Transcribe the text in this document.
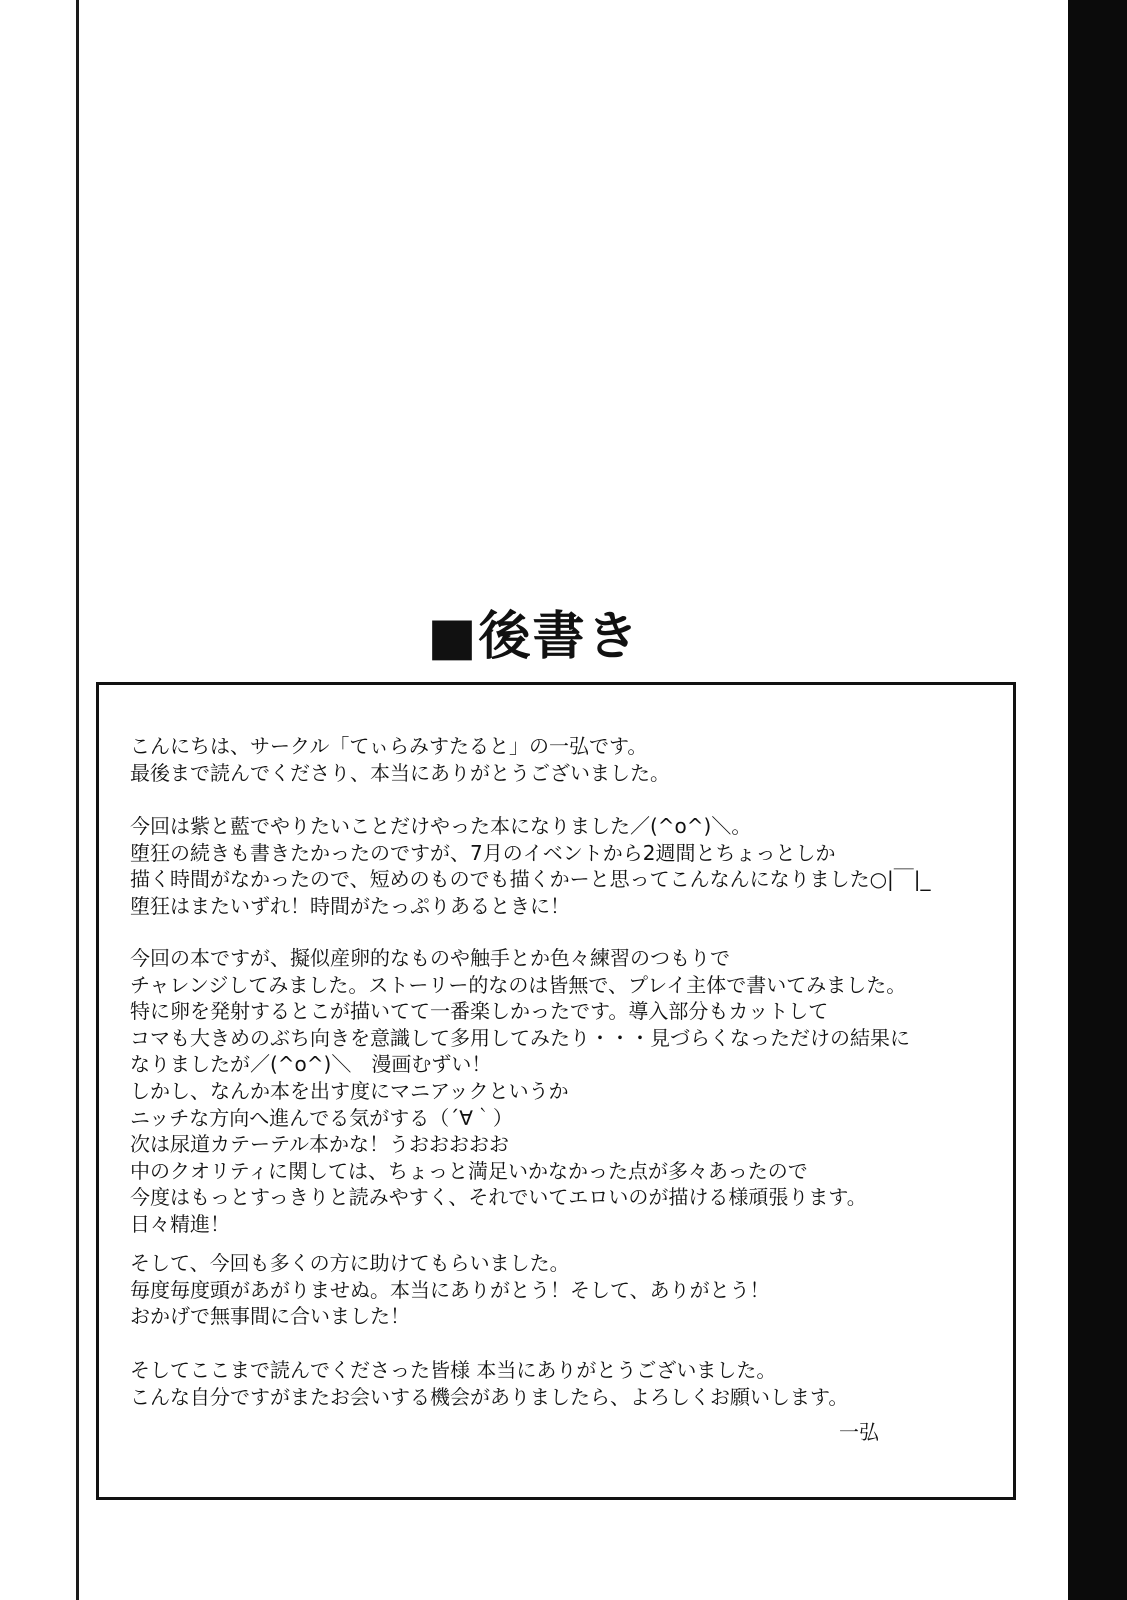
■後書き
こんにちは、サークル「てぃらみすたると」の一弘です。
最後まで読んでくださり、本当にありがとうございました。
今回は紫と藍でやりたいことだけやった本になりました／(^o^)＼。
堕狂の続きも書きたかったのですが、7月のイベントから2週間とちょっとしか
描く時間がなかったので、短めのものでも描くかーと思ってこんなんになりました○|￣|_
堕狂はまたいずれ！時間がたっぷりあるときに！
今回の本ですが、擬似産卵的なものや触手とか色々練習のつもりで
チャレンジしてみました。ストーリー的なのは皆無で、プレイ主体で書いてみました。
特に卵を発射するとこが描いてて一番楽しかったです。導入部分もカットして
コマも大きめのぶち向きを意識して多用してみたり・・・見づらくなっただけの結果に
なりましたが／(^o^)＼　漫画むずい！
しかし、なんか本を出す度にマニアックというか
ニッチな方向へ進んでる気がする（´∀｀）
次は尿道カテーテル本かな！うおおおおお
中のクオリティに関しては、ちょっと満足いかなかった点が多々あったので
今度はもっとすっきりと読みやすく、それでいてエロいのが描ける様頑張ります。
日々精進！
そして、今回も多くの方に助けてもらいました。
毎度毎度頭があがりませぬ。本当にありがとう！そして、ありがとう！
おかげで無事間に合いました！
そしてここまで読んでくださった皆様 本当にありがとうございました。
こんな自分ですがまたお会いする機会がありましたら、よろしくお願いします。
一弘
